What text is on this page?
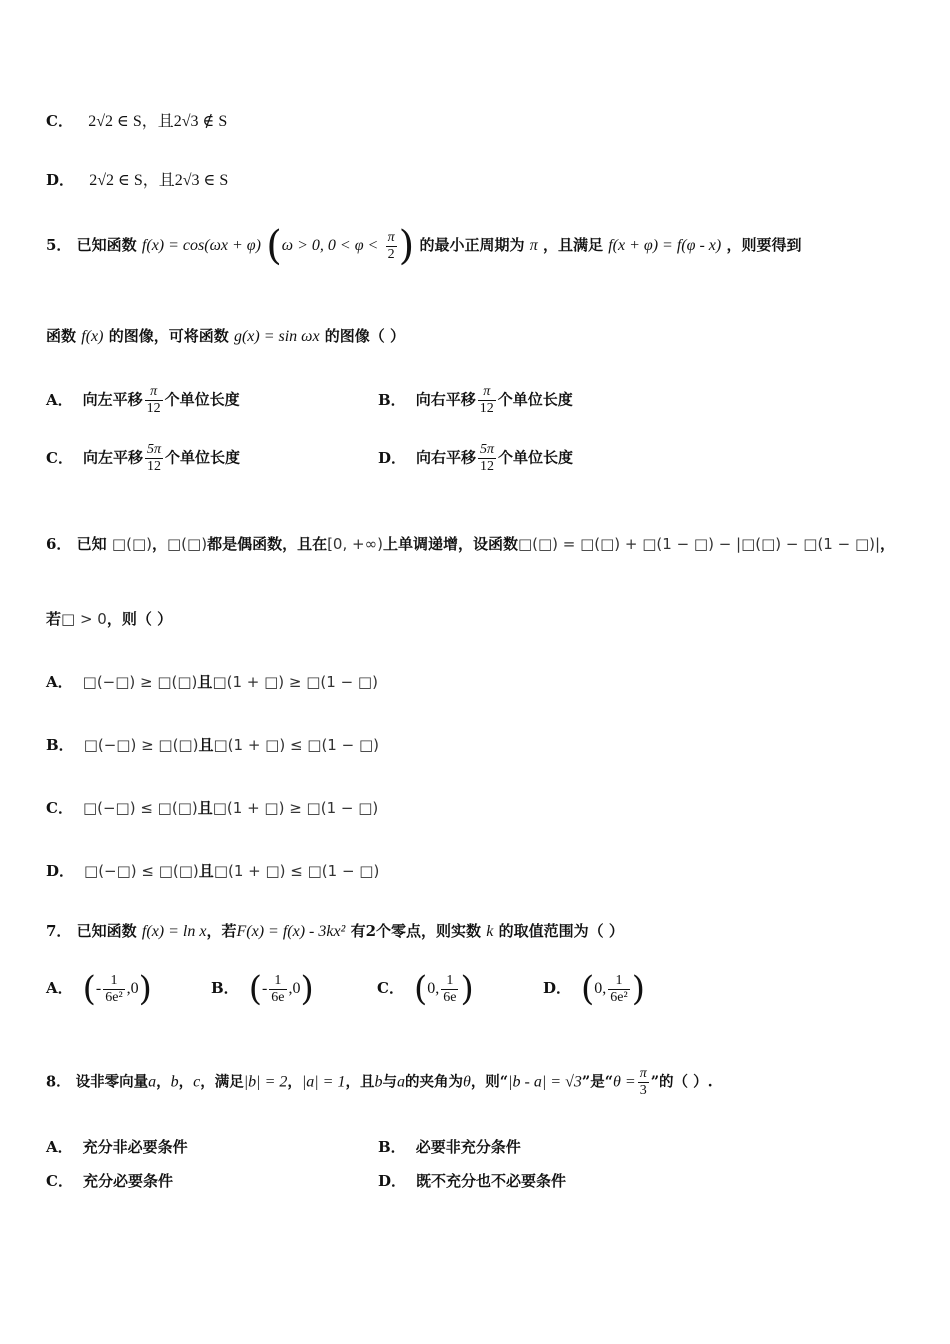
C． 2√2 ∈ S，且2√3 ∉ S
D． 2√2 ∈ S，且2√3 ∈ S
5． 已知函数 f(x) = cos(ωx + φ) (ω > 0, $0 < \varphi < \frac{\pi}{2}$ ) 的最小正周期为 π ，且满足 f(x + φ) = f(φ - x) ，则要得到
函数 f(x) 的图像，可将函数 g(x) = sin ωx 的图像（ ）
A． 向左平移 $\frac{\pi}{12}$ 个单位长度	B． 向右平移 $\frac{\pi}{12}$ 个单位长度
C． 向左平移 $\frac{5\pi}{12}$ 个单位长度	D． 向右平移 $\frac{5\pi}{12}$ 个单位长度
6． 已知 □(□)，□(□)都是偶函数，且在[0, +∞)上单调递增，设函数□(□) = □(□) + □(1 − □) − |□(□) − □(1 − □)|，
若□ > 0，则（ ）
A． □(−□) ≥ □(□)且□(1 + □) ≥ □(1 − □)
B． □(−□) ≥ □(□)且□(1 + □) ≤ □(1 − □)
C． □(−□) ≤ □(□)且□(1 + □) ≥ □(1 − □)
D． □(−□) ≤ □(□)且□(1 + □) ≤ □(1 − □)
7． 已知函数 f(x) = ln x，若F(x) = f(x) - 3kx² 有2个零点，则实数 k 的取值范围为（ ）
A． (- $\frac{1}{\text{6e²}} ,0$)	B． (- $\frac{1}{6e} ,0$)	C． (0, $\frac{1}{6e}$ )	D． (0, $\frac{1}{\text{6e²}}$ )
8． 设非零向量a，b，c，满足|b| = 2，|a| = 1，且b与a的夹角为θ，则“|b - a| = √3”是“$\theta = \frac{\pi}{3}$ ”的（ ）.
A． 充分非必要条件	B． 必要非充分条件
C． 充分必要条件	D． 既不充分也不必要条件
